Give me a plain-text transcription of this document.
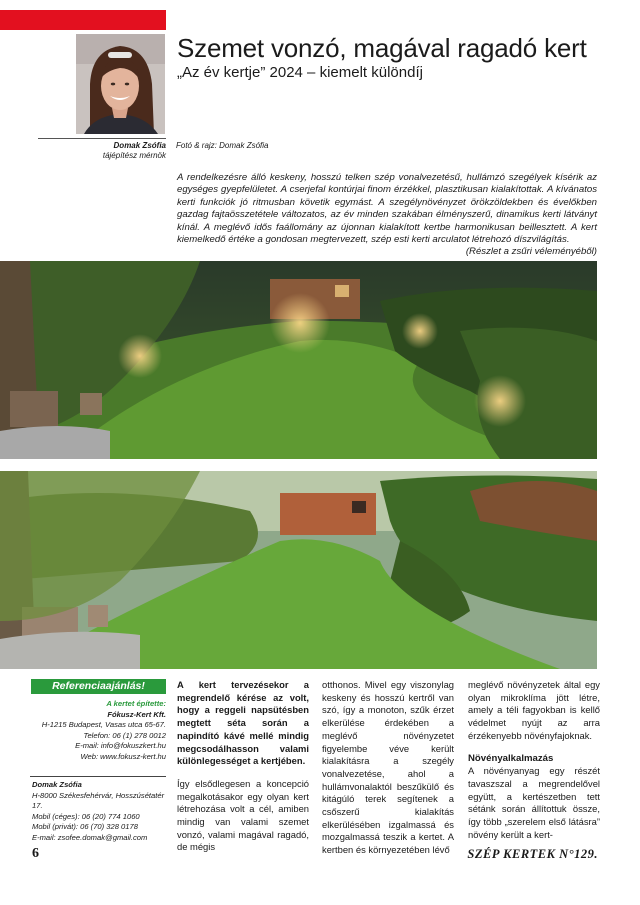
Domak Zsófia
tájépítész mérnök
Szemet vonzó, magával ragadó kert
„Az év kertje” 2024 – kiemelt különdíj
Fotó & rajz: Domak Zsófia
A rendelkezésre álló keskeny, hosszú telken szép vonalvezetésű, hullámzó szegélyek kísérik az egységes gyepfelületet. A cserjefal kontúrjai finom érzékkel, plasztikusan kialakítottak. A kívánatos kerti funkciók jó ritmusban követik egymást. A szegélynövényzet örökzöldekben és évelőkben gazdag fajtaösszetétele változatos, az év minden szakában élményszerű, dinamikus kerti látványt kínál. A meglévő idős faállomány az újonnan kialakított kertbe harmonikusan beillesztett. A kert kiemelkedő értéke a gondosan megtervezett, szép esti kerti arculatot létrehozó díszvilágítás.
(Részlet a zsűri véleményéből)
Referenciaajánlás!
A kertet építette:
Fókusz-Kert Kft.
H-1215 Budapest, Vasas utca 65-67.
Telefon: 06 (1) 278 0012
E-mail: info@fokuszkert.hu
Web: www.fokusz-kert.hu
Domak Zsófia
H-8000 Székesfehérvár, Hosszúsétatér 17.
Mobil (céges): 06 (20) 774 1060
Mobil (privát): 06 (70) 328 0178
E-mail: zsofee.domak@gmail.com

A kert tervezésekor a megrendelő kérése az volt, hogy a reggeli napsütésben megtett séta során a napindító kávé mellé mindig megcsodálhasson valami különlegességet a kertjében.

Így elsődlegesen a koncepció megalkotásakor egy olyan kert létrehozása volt a cél, amiben mindig van valami szemet vonzó, valami magával ragadó, de mégis

otthonos. Mivel egy viszonylag keskeny és hosszú kertről van szó, így a monoton, szűk érzet elkerülése érdekében a meglévő növényzetet figyelembe véve került kialakításra a szegély vonalvezetése, ahol a hullámvonalaktól beszűkülő és kitágúló terek segítenek a csőszerű kialakítás elkerülésében izgalmassá és mozgalmassá teszik a kertet. A kertben és környezetében lévő

meglévő növényzetek által egy olyan mikroklíma jött létre, amely a téli fagyokban is kellő védelmet nyújt az arra érzékenyebb növényfajoknak.

Növényalkalmazás

A növényanyag egy részét tavaszszal a megrendelővel együtt, a kertészetben tett sétánk során állítottuk össze, így több „szerelem első látásra” növény került a kert-

6	SZÉP KERTEK N°129.
